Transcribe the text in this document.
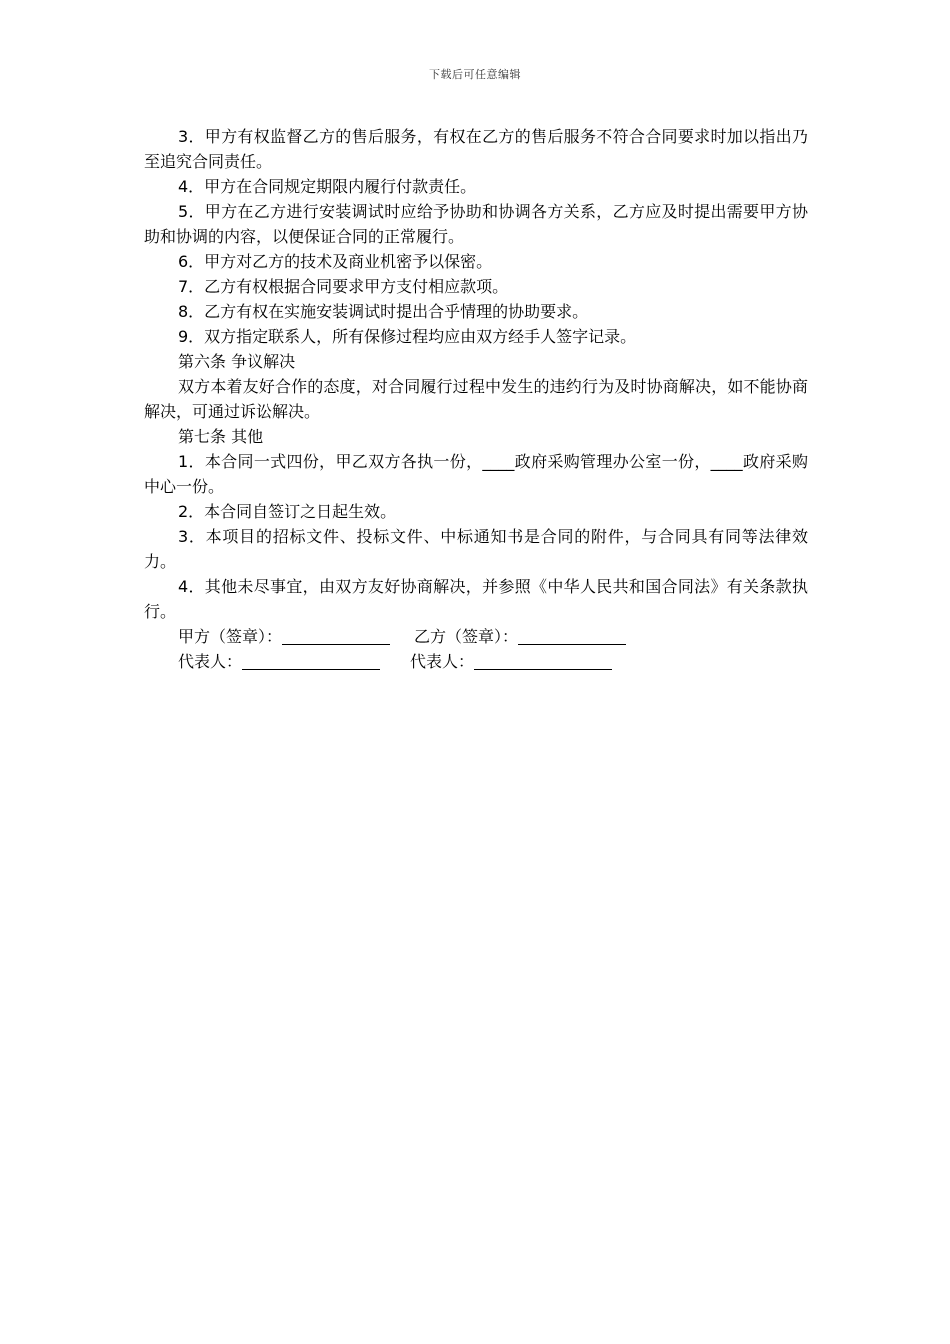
下载后可任意编辑

3．甲方有权监督乙方的售后服务，有权在乙方的售后服务不符合合同要求时加以指出乃至追究合同责任。

4．甲方在合同规定期限内履行付款责任。

5．甲方在乙方进行安装调试时应给予协助和协调各方关系，乙方应及时提出需要甲方协助和协调的内容，以便保证合同的正常履行。

6．甲方对乙方的技术及商业机密予以保密。

7．乙方有权根据合同要求甲方支付相应款项。

8．乙方有权在实施安装调试时提出合乎情理的协助要求。

9．双方指定联系人，所有保修过程均应由双方经手人签字记录。

第六条 争议解决

双方本着友好合作的态度，对合同履行过程中发生的违约行为及时协商解决，如不能协商解决，可通过诉讼解决。

第七条 其他

1．本合同一式四份，甲乙双方各执一份，____政府采购管理办公室一份，____政府采购中心一份。

2．本合同自签订之日起生效。

3．本项目的招标文件、投标文件、中标通知书是合同的附件，与合同具有同等法律效力。

4．其他未尽事宜，由双方友好协商解决，并参照《中华人民共和国合同法》有关条款执行。

甲方（签章）：	乙方（签章）：
代表人：	代表人：
